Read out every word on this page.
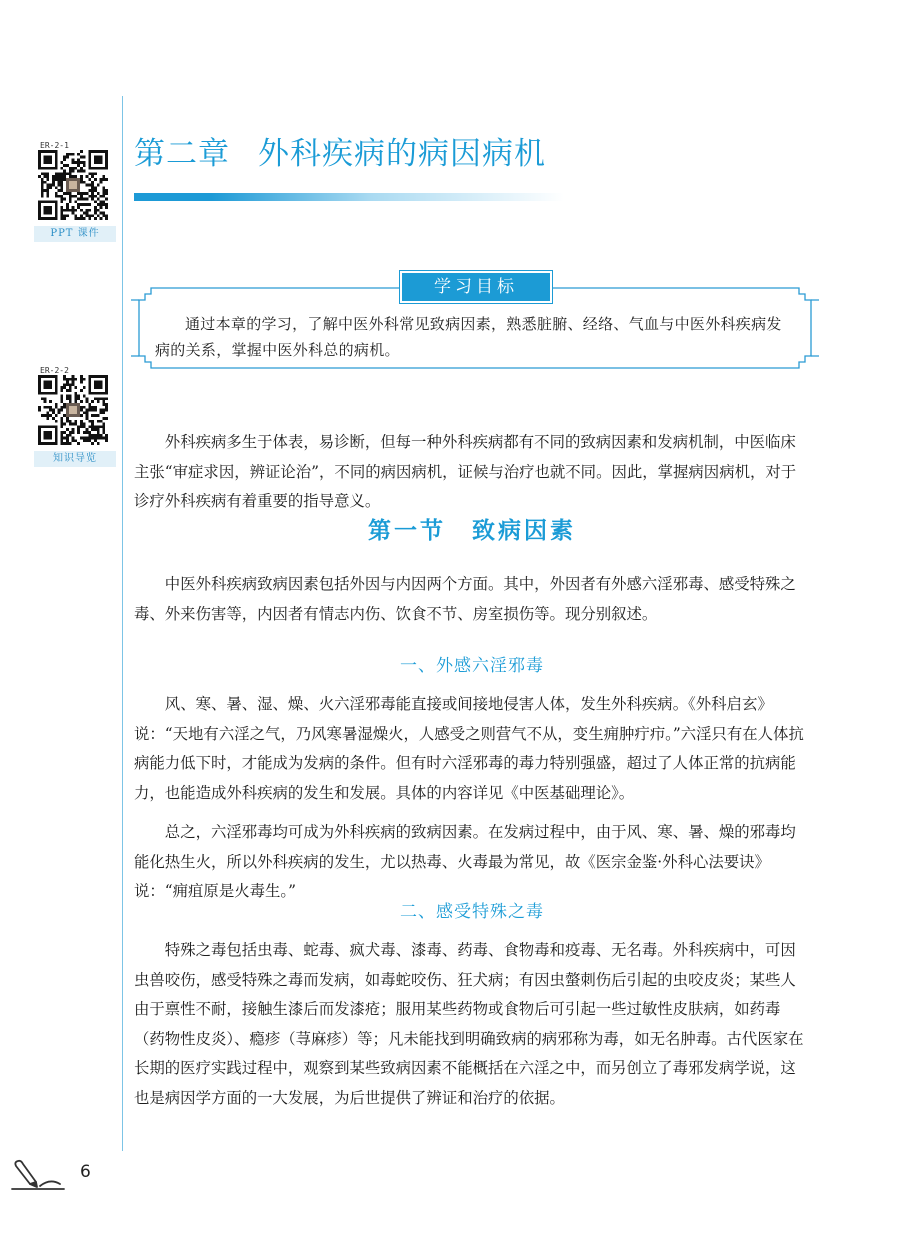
ER-2-1
PPT 课件
ER-2-2
知识导览
第二章 外科疾病的病因病机
学习目标
通过本章的学习，了解中医外科常见致病因素，熟悉脏腑、经络、气血与中医外科疾病发病的关系，掌握中医外科总的病机。

外科疾病多生于体表，易诊断，但每一种外科疾病都有不同的致病因素和发病机制，中医临床主张“审症求因，辨证论治”，不同的病因病机，证候与治疗也就不同。因此，掌握病因病机，对于诊疗外科疾病有着重要的指导意义。

第一节　致病因素

中医外科疾病致病因素包括外因与内因两个方面。其中，外因者有外感六淫邪毒、感受特殊之毒、外来伤害等，内因者有情志内伤、饮食不节、房室损伤等。现分别叙述。

一、外感六淫邪毒

风、寒、暑、湿、燥、火六淫邪毒能直接或间接地侵害人体，发生外科疾病。《外科启玄》说：“天地有六淫之气，乃风寒暑湿燥火，人感受之则营气不从，变生痈肿疔疖。”六淫只有在人体抗病能力低下时，才能成为发病的条件。但有时六淫邪毒的毒力特别强盛，超过了人体正常的抗病能力，也能造成外科疾病的发生和发展。具体的内容详见《中医基础理论》。

总之，六淫邪毒均可成为外科疾病的致病因素。在发病过程中，由于风、寒、暑、燥的邪毒均能化热生火，所以外科疾病的发生，尤以热毒、火毒最为常见，故《医宗金鉴·外科心法要诀》说：“痈疽原是火毒生。”

二、感受特殊之毒

特殊之毒包括虫毒、蛇毒、疯犬毒、漆毒、药毒、食物毒和疫毒、无名毒。外科疾病中，可因虫兽咬伤，感受特殊之毒而发病，如毒蛇咬伤、狂犬病；有因虫螫刺伤后引起的虫咬皮炎；某些人由于禀性不耐，接触生漆后而发漆疮；服用某些药物或食物后可引起一些过敏性皮肤病，如药毒（药物性皮炎）、瘾疹（荨麻疹）等；凡未能找到明确致病的病邪称为毒，如无名肿毒。古代医家在长期的医疗实践过程中，观察到某些致病因素不能概括在六淫之中，而另创立了毒邪发病学说，这也是病因学方面的一大发展，为后世提供了辨证和治疗的依据。

6
